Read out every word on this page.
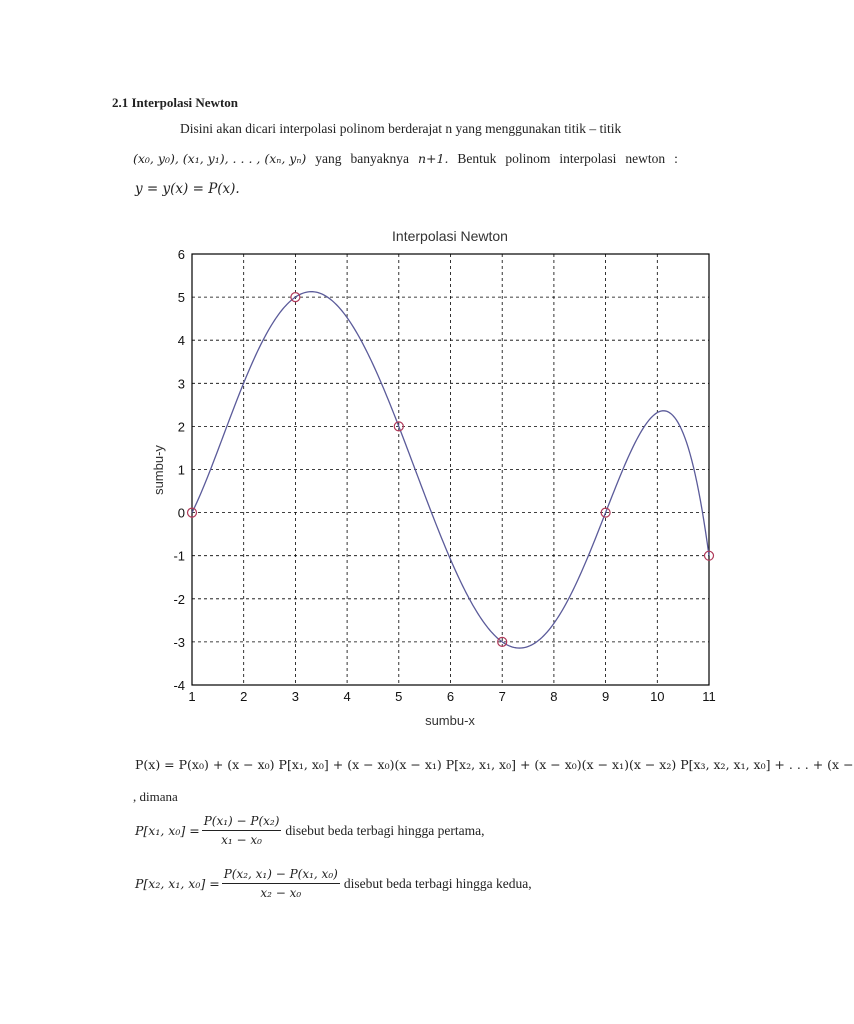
2.1 Interpolasi Newton
Disini akan dicari interpolasi polinom berderajat n yang menggunakan titik – titik
(x₀, y₀), (x₁, y₁), . . . , (xₙ, yₙ) yang banyaknya n+1. Bentuk polinom interpolasi newton :
y = y(x) = P(x).
Interpolasi Newton
1	2	3	4	5	6	7	8	9	10	11
6
5
4
3
2
1
0
-1
-2
-3
-4
sumbu-x
sumbu-y
P(x) = P(x₀) + (x − x₀) P[x₁, x₀] + (x − x₀)(x − x₁) P[x₂, x₁, x₀] + (x − x₀)(x − x₁)(x − x₂) P[x₃, x₂, x₁, x₀] + . . . + (x −
, dimana
P[x₁, $x_0] = \frac{\text{P(x₁) − P(x₂)}}{\text{x₁ − x₀}}$ disebut beda terbagi hingga pertama,
P[x₂, x₁, $x_0] = \frac{\text{P(x₂, x₁) − P(x₁, x₀)}}{\text{x₂ − x₀}}$ disebut beda terbagi hingga kedua,
